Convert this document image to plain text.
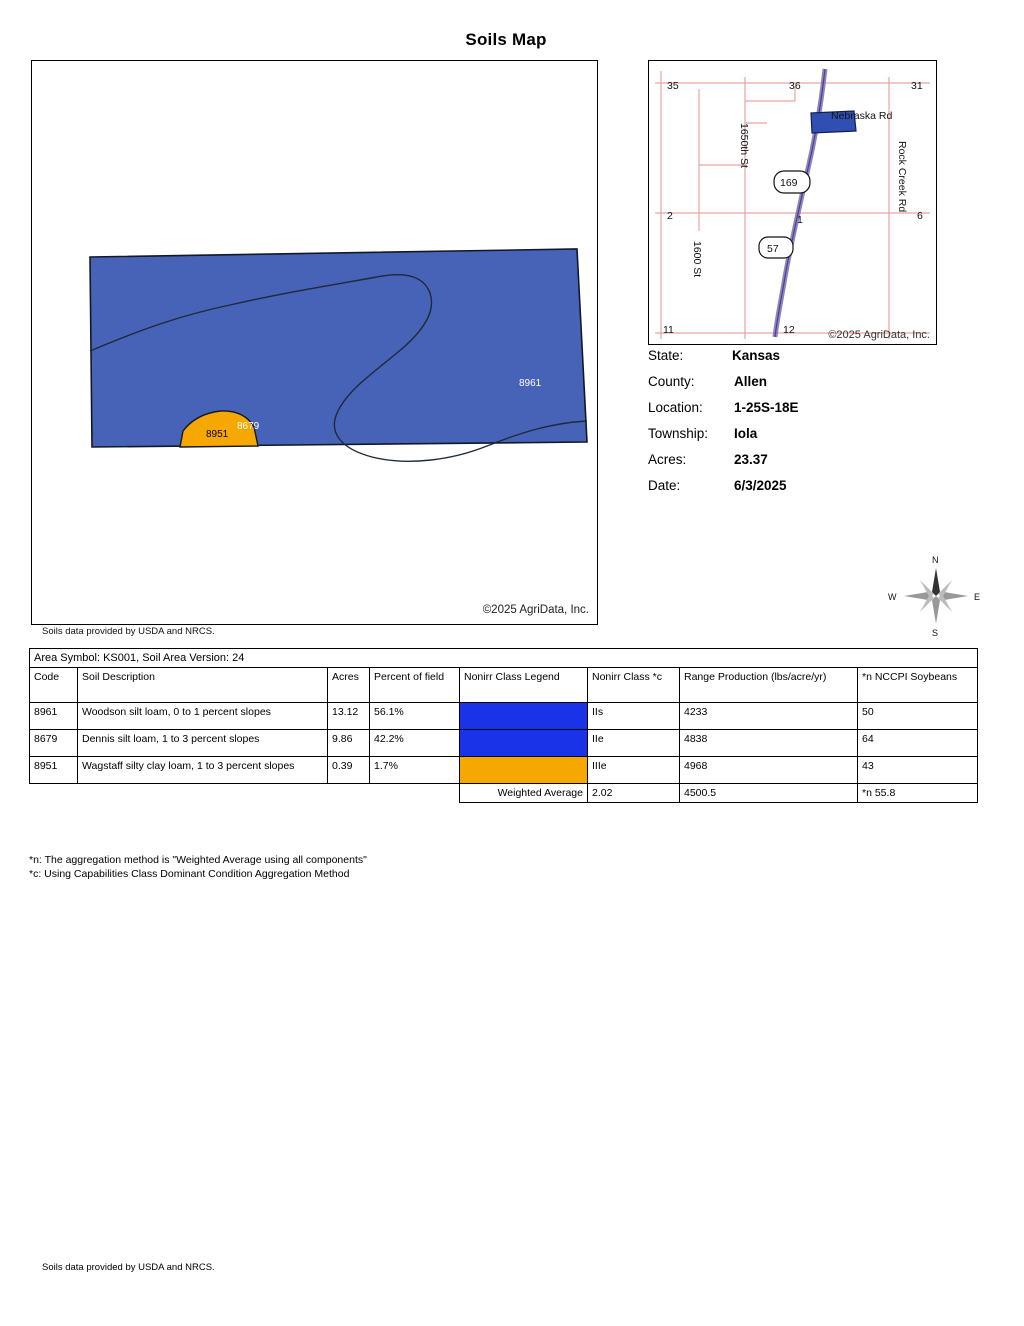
Soils Map
8961
8679
8951
©2025 AgriData, Inc.
Soils data provided by USDA and NRCS.
169
57
35	36	31
2	1	6
11	12
Nebraska Rd
1650th St
1600 St
Rock Creek Rd
©2025 AgriData, Inc.
State:	Kansas
County:	Allen
Location:	1-25S-18E
Township:	Iola
Acres:	23.37
Date:	6/3/2025
N
S
W	E
Area Symbol: KS001, Soil Area Version: 24							
Code	Soil Description	Acres	Percent of field	Nonirr Class Legend	Nonirr Class *c	Range Production (lbs/acre/yr)	*n NCCPI Soybeans
8961	Woodson silt loam, 0 to 1 percent slopes	13.12	56.1%		IIs	4233	50
8679	Dennis silt loam, 1 to 3 percent slopes	9.86	42.2%		IIe	4838	64
8951	Wagstaff silty clay loam, 1 to 3 percent slopes	0.39	1.7%		IIIe	4968	43
				Weighted Average	2.02	4500.5	*n 55.8
*n: The aggregation method is "Weighted Average using all components"
*c: Using Capabilities Class Dominant Condition Aggregation Method
Soils data provided by USDA and NRCS.
